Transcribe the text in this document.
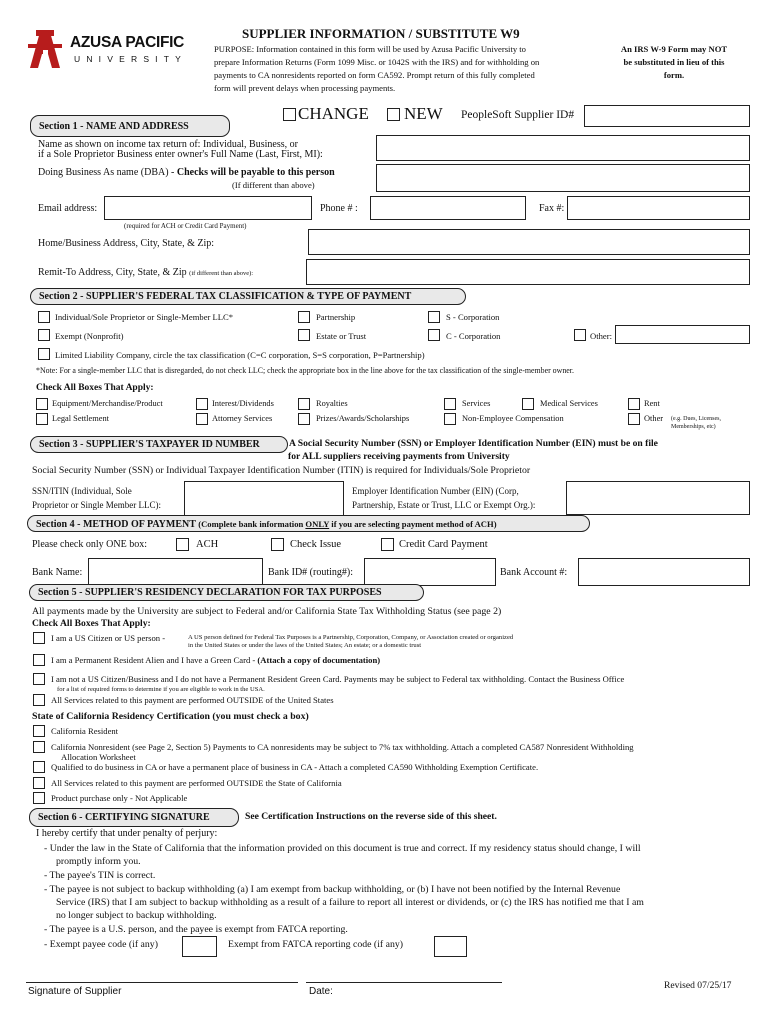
AZUSA PACIFIC
UNIVERSITY
SUPPLIER INFORMATION / SUBSTITUTE W9
PURPOSE: Information contained in this form will be used by Azusa Pacific University to
prepare Information Returns (Form 1099 Misc. or 1042S with the IRS) and for withholding on
payments to CA nonresidents reported on form CA592. Prompt return of this fully completed
form will prevent delays when processing payments.
An IRS W-9 Form may NOT
be substituted in lieu of this
form.
CHANGE NEW PeopleSoft Supplier ID#
Section 1 - NAME AND ADDRESS
Name as shown on income tax return of: Individual, Business, or
if a Sole Proprietor Business enter owner's Full Name (Last, First, MI):
Doing Business As name (DBA) - Checks will be payable to this person
(If different than above)
Email address:
(required for ACH or Credit Card Payment)
Phone # :	Fax #:
Home/Business Address, City, State, & Zip:
Remit-To Address, City, State, & Zip (if different than above):
Section 2 - SUPPLIER'S FEDERAL TAX CLASSIFICATION & TYPE OF PAYMENT
Individual/Sole Proprietor or Single-Member LLC*	Partnership	S - Corporation
Exempt (Nonprofit)	Estate or Trust	C - Corporation	Other:
Limited Liability Company, circle the tax classification (C=C corporation, S=S corporation, P=Partnership)
*Note: For a single-member LLC that is disregarded, do not check LLC; check the appropriate box in the line above for the tax classification of the single-member owner.
Check All Boxes That Apply:
Equipment/Merchandise/Product	Interest/Dividends	Royalties	Services	Medical Services	Rent
Legal Settlement	Attorney Services	Prizes/Awards/Scholarships	Non-Employee Compensation	Other (e.g. Dues, Licenses,
Memberships, etc)
Section 3 - SUPPLIER'S TAXPAYER ID NUMBER	A Social Security Number (SSN) or Employer Identification Number (EIN) must be on file
for ALL suppliers receiving payments from University
Social Security Number (SSN) or Individual Taxpayer Identification Number (ITIN) is required for Individuals/Sole Proprietor
SSN/ITIN (Individual, Sole
Proprietor or Single Member LLC):
Employer Identification Number (EIN) (Corp,
Partnership, Estate or Trust, LLC or Exempt Org.):
Section 4 - METHOD OF PAYMENT (Complete bank information ONLY if you are selecting payment method of ACH)
Please check only ONE box:	ACH	Check Issue	Credit Card Payment
Bank Name:	Bank ID# (routing#):	Bank Account #:
Section 5 - SUPPLIER'S RESIDENCY DECLARATION FOR TAX PURPOSES
All payments made by the University are subject to Federal and/or California State Tax Withholding Status (see page 2)
Check All Boxes That Apply:
I am a US Citizen or US person -	A US person defined for Federal Tax Purposes is a Partnership, Corporation, Company, or Association created or organized
in the United States or under the laws of the United States; An estate; or a domestic trust
I am a Permanent Resident Alien and I have a Green Card - (Attach a copy of documentation)
I am not a US Citizen/Business and I do not have a Permanent Resident Green Card. Payments may be subject to Federal tax withholding. Contact the Business Office
for a list of required forms to determine if you are eligible to work in the USA.
All Services related to this payment are performed OUTSIDE of the United States
State of California Residency Certification (you must check a box)
California Resident
California Nonresident (see Page 2, Section 5) Payments to CA nonresidents may be subject to 7% tax withholding. Attach a completed CA587 Nonresident Withholding
Allocation Worksheet
Qualified to do business in CA or have a permanent place of business in CA - Attach a completed CA590 Withholding Exemption Certificate.
All Services related to this payment are performed OUTSIDE the State of California
Product purchase only - Not Applicable
Section 6 - CERTIFYING SIGNATURE	See Certification Instructions on the reverse side of this sheet.
I hereby certify that under penalty of perjury:
- Under the law in the State of California that the information provided on this document is true and correct. If my residency status should change, I will
promptly inform you.
- The payee's TIN is correct.
- The payee is not subject to backup withholding (a) I am exempt from backup withholding, or (b) I have not been notified by the Internal Revenue
Service (IRS) that I am subject to backup withholding as a result of a failure to report all interest or dividends, or (c) the IRS has notified me that I am
no longer subject to backup withholding.
- The payee is a U.S. person, and the payee is exempt from FATCA reporting.
- Exempt payee code (if any)	Exempt from FATCA reporting code (if any)
Signature of Supplier	Date:
Revised 07/25/17
